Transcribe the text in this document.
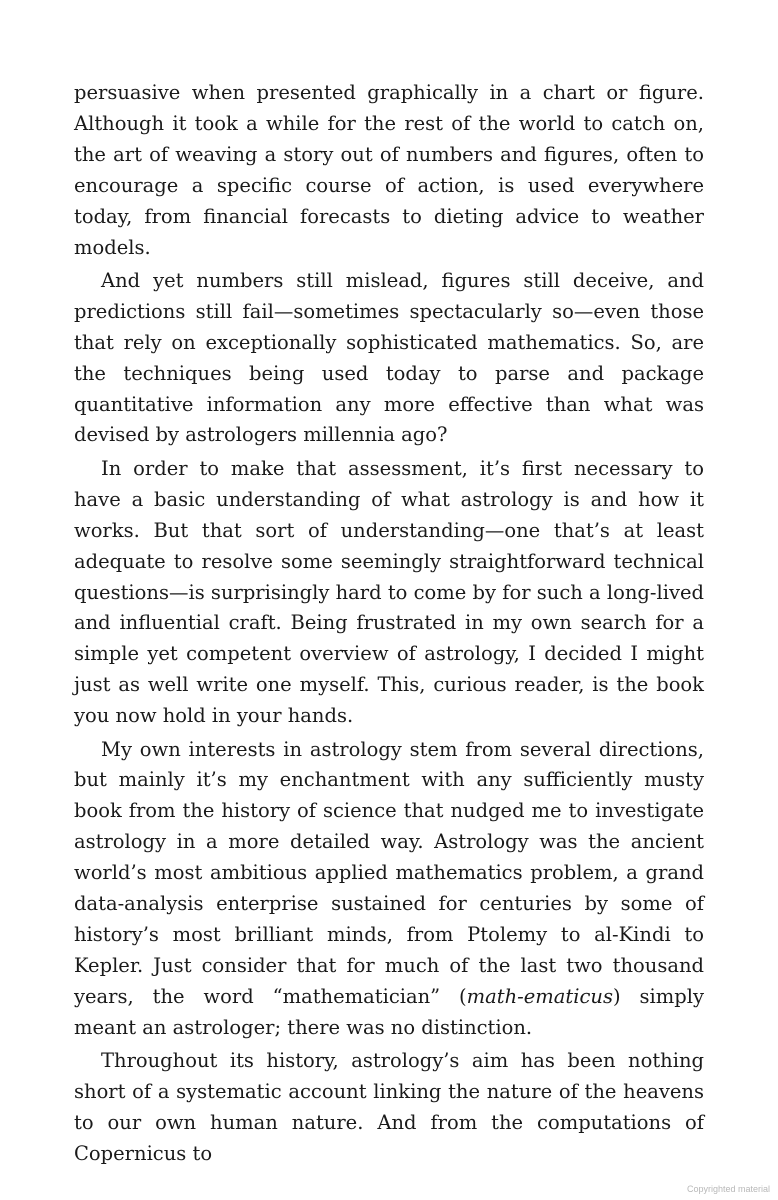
persuasive when presented graphically in a chart or figure. Although it took a while for the rest of the world to catch on, the art of weaving a story out of numbers and figures, often to encourage a specific course of action, is used everywhere today, from financial forecasts to dieting advice to weather models.

And yet numbers still mislead, figures still deceive, and predictions still fail—sometimes spectacularly so—even those that rely on exceptionally sophisticated mathematics. So, are the techniques being used today to parse and package quantitative information any more effective than what was devised by astrologers millennia ago?

In order to make that assessment, it’s first necessary to have a basic understanding of what astrology is and how it works. But that sort of understanding—one that’s at least adequate to resolve some seemingly straightforward technical questions—is surprisingly hard to come by for such a long-lived and influential craft. Being frustrated in my own search for a simple yet competent overview of astrology, I decided I might just as well write one myself. This, curious reader, is the book you now hold in your hands.

My own interests in astrology stem from several directions, but mainly it’s my enchantment with any sufficiently musty book from the history of science that nudged me to investigate astrology in a more detailed way. Astrology was the ancient world’s most ambitious applied mathematics problem, a grand data-analysis enterprise sustained for centuries by some of history’s most brilliant minds, from Ptolemy to al-Kindi to Kepler. Just consider that for much of the last two thousand years, the word “mathematician” (math-ematicus) simply meant an astrologer; there was no distinction.

Throughout its history, astrology’s aim has been nothing short of a systematic account linking the nature of the heavens to our own human nature. And from the computations of Copernicus to

Copyrighted material
